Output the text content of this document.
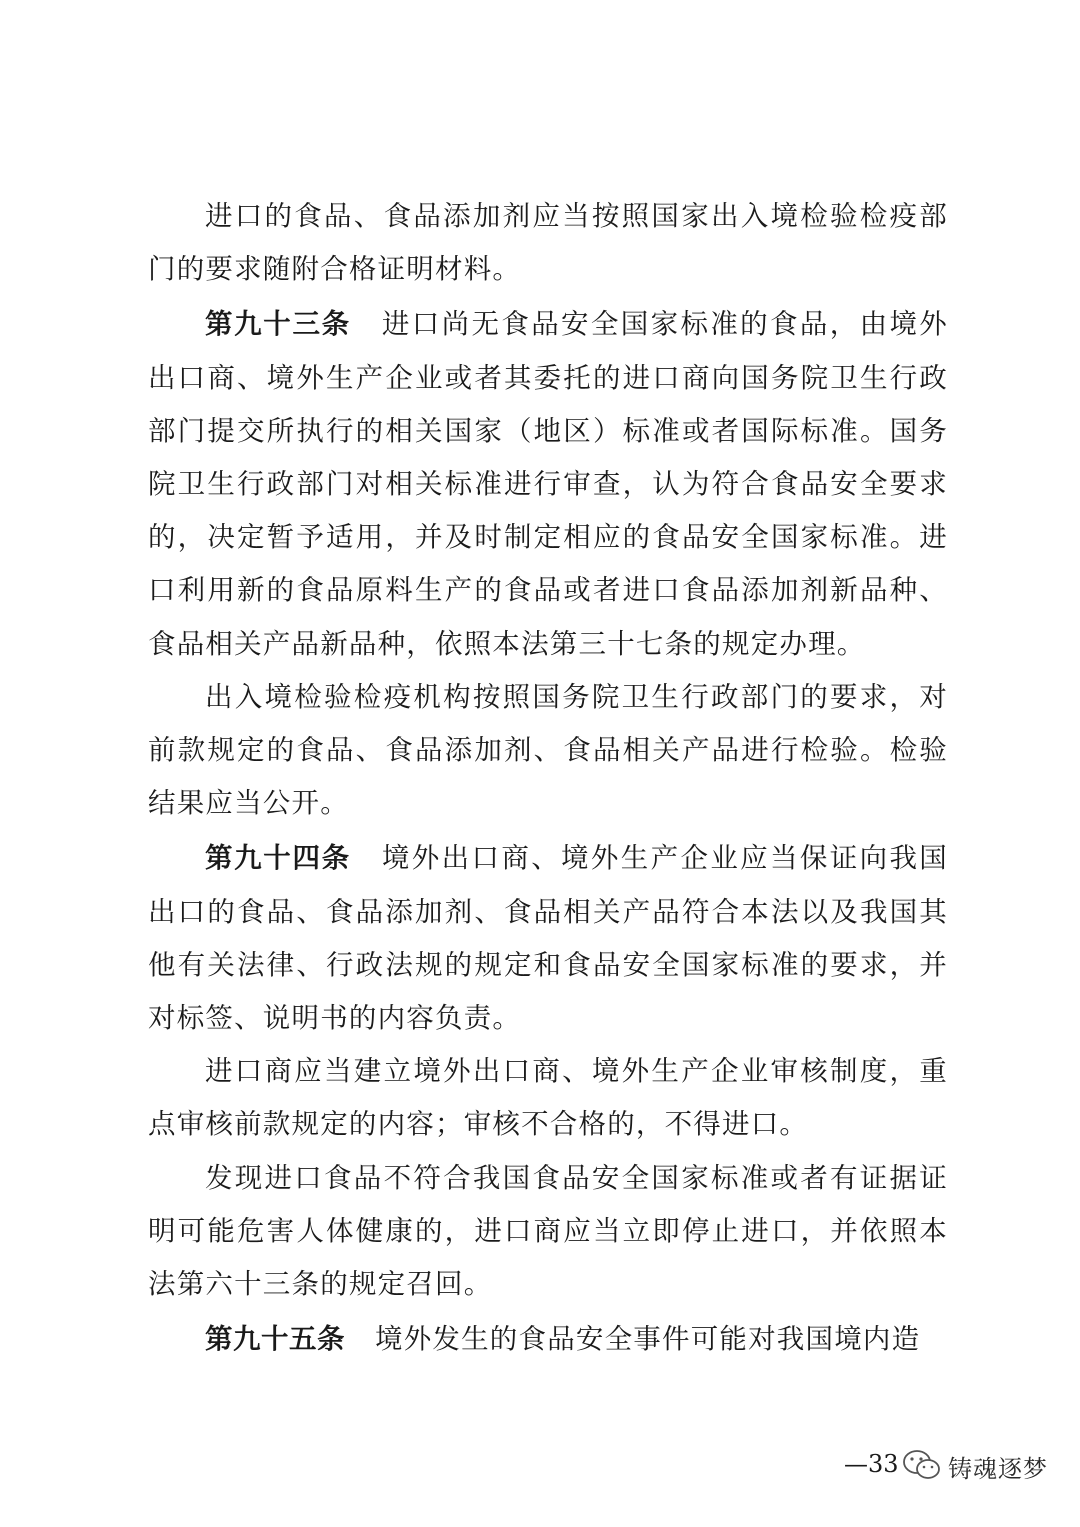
进口的食品、食品添加剂应当按照国家出入境检验检疫部门的要求随附合格证明材料。

第九十三条 进口尚无食品安全国家标准的食品，由境外出口商、境外生产企业或者其委托的进口商向国务院卫生行政部门提交所执行的相关国家（地区）标准或者国际标准。国务院卫生行政部门对相关标准进行审查，认为符合食品安全要求的，决定暂予适用，并及时制定相应的食品安全国家标准。进口利用新的食品原料生产的食品或者进口食品添加剂新品种、食品相关产品新品种，依照本法第三十七条的规定办理。

出入境检验检疫机构按照国务院卫生行政部门的要求，对前款规定的食品、食品添加剂、食品相关产品进行检验。检验结果应当公开。

第九十四条 境外出口商、境外生产企业应当保证向我国出口的食品、食品添加剂、食品相关产品符合本法以及我国其他有关法律、行政法规的规定和食品安全国家标准的要求，并对标签、说明书的内容负责。

进口商应当建立境外出口商、境外生产企业审核制度，重点审核前款规定的内容；审核不合格的，不得进口。

发现进口食品不符合我国食品安全国家标准或者有证据证明可能危害人体健康的，进口商应当立即停止进口，并依照本法第六十三条的规定召回。

第九十五条 境外发生的食品安全事件可能对我国境内造

—33 铸魂逐梦
